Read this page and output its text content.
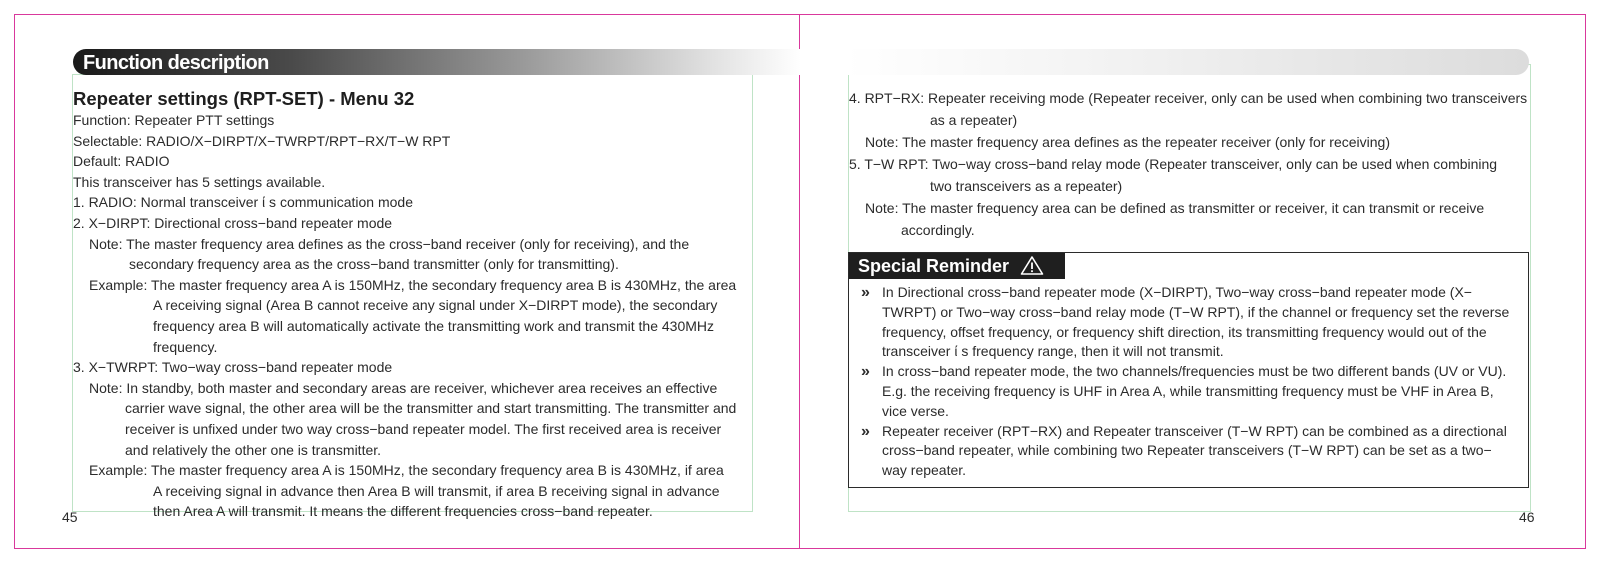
Function description
Repeater settings (RPT-SET) - Menu 32
Function: Repeater PTT settings
Selectable: RADIO/X−DIRPT/X−TWRPT/RPT−RX/T−W RPT
Default: RADIO
This transceiver has 5 settings available.
1. RADIO: Normal transceiver ί s communication mode
2. X−DIRPT: Directional cross−band repeater mode
Note: The master frequency area defines as the cross−band receiver (only for receiving), and the
secondary frequency area as the cross−band transmitter (only for transmitting).
Example: The master frequency area A is 150MHz, the secondary frequency area B is 430MHz, the area
A receiving signal (Area B cannot receive any signal under X−DIRPT mode), the secondary
frequency area B will automatically activate the transmitting work and transmit the 430MHz
frequency.
3. X−TWRPT: Two−way cross−band repeater mode
Note: In standby, both master and secondary areas are receiver, whichever area receives an effective
carrier wave signal, the other area will be the transmitter and start transmitting. The transmitter and
receiver is unfixed under two way cross−band repeater model. The first received area is receiver
and relatively the other one is transmitter.
Example: The master frequency area A is 150MHz, the secondary frequency area B is 430MHz, if area
A receiving signal in advance then Area B will transmit, if area B receiving signal in advance
then Area A will transmit. It means the different frequencies cross−band repeater.
4. RPT−RX: Repeater receiving mode (Repeater receiver, only can be used when combining two transceivers
as a repeater)
Note: The master frequency area defines as the repeater receiver (only for receiving)
5. T−W RPT: Two−way cross−band relay mode (Repeater transceiver, only can be used when combining
two transceivers as a repeater)
Note: The master frequency area can be defined as transmitter or receiver, it can transmit or receive
accordingly.
Special Reminder
» In Directional cross−band repeater mode (X−DIRPT), Two−way cross−band repeater mode (X−
TWRPT) or Two−way cross−band relay mode (T−W RPT), if the channel or frequency set the reverse
frequency, offset frequency, or frequency shift direction, its transmitting frequency would out of the
transceiver ί s frequency range, then it will not transmit.
» In cross−band repeater mode, the two channels/frequencies must be two different bands (UV or VU).
E.g. the receiving frequency is UHF in Area A, while transmitting frequency must be VHF in Area B,
vice verse.
» Repeater receiver (RPT−RX) and Repeater transceiver (T−W RPT) can be combined as a directional
cross−band repeater, while combining two Repeater transceivers (T−W RPT) can be set as a two−
way repeater.
45	46
